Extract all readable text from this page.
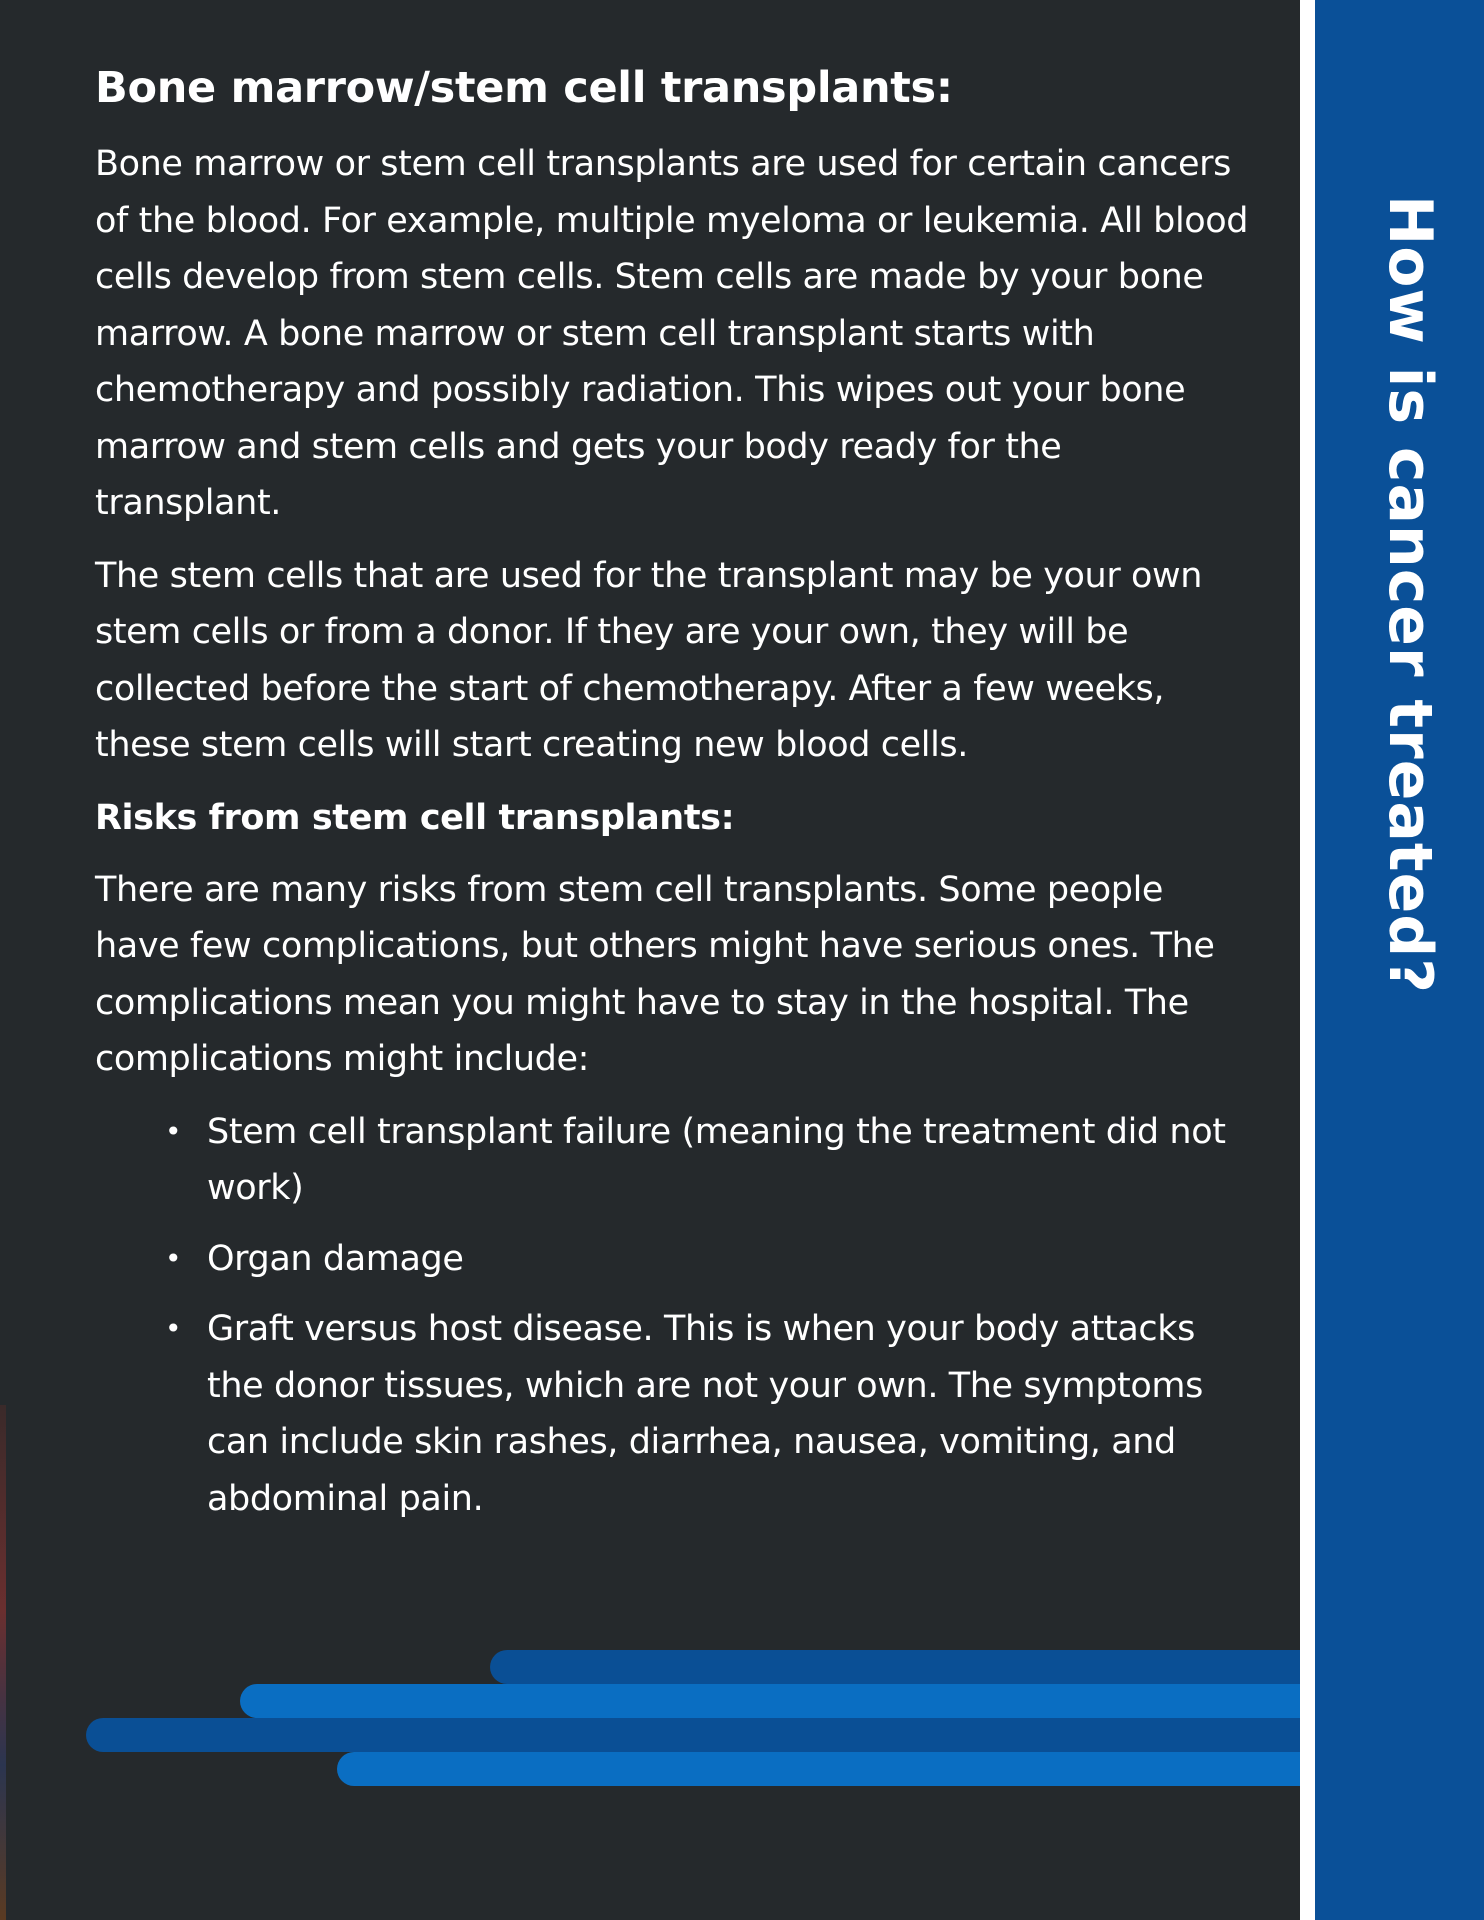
Bone marrow/stem cell transplants:

Bone marrow or stem cell transplants are used for certain cancers of the blood. For example, multiple myeloma or leukemia. All blood cells develop from stem cells. Stem cells are made by your bone marrow. A bone marrow or stem cell transplant starts with chemotherapy and possibly radiation. This wipes out your bone marrow and stem cells and gets your body ready for the transplant.

The stem cells that are used for the transplant may be your own stem cells or from a donor. If they are your own, they will be collected before the start of chemotherapy. After a few weeks, these stem cells will start creating new blood cells.

Risks from stem cell transplants:

There are many risks from stem cell transplants. Some people have few complications, but others might have serious ones. The complications mean you might have to stay in the hospital. The complications might include:

• Stem cell transplant failure (meaning the treatment did not work)
• Organ damage
• Graft versus host disease. This is when your body attacks the donor tissues, which are not your own. The symptoms can include skin rashes, diarrhea, nausea, vomiting, and abdominal pain.
How is cancer treated?
